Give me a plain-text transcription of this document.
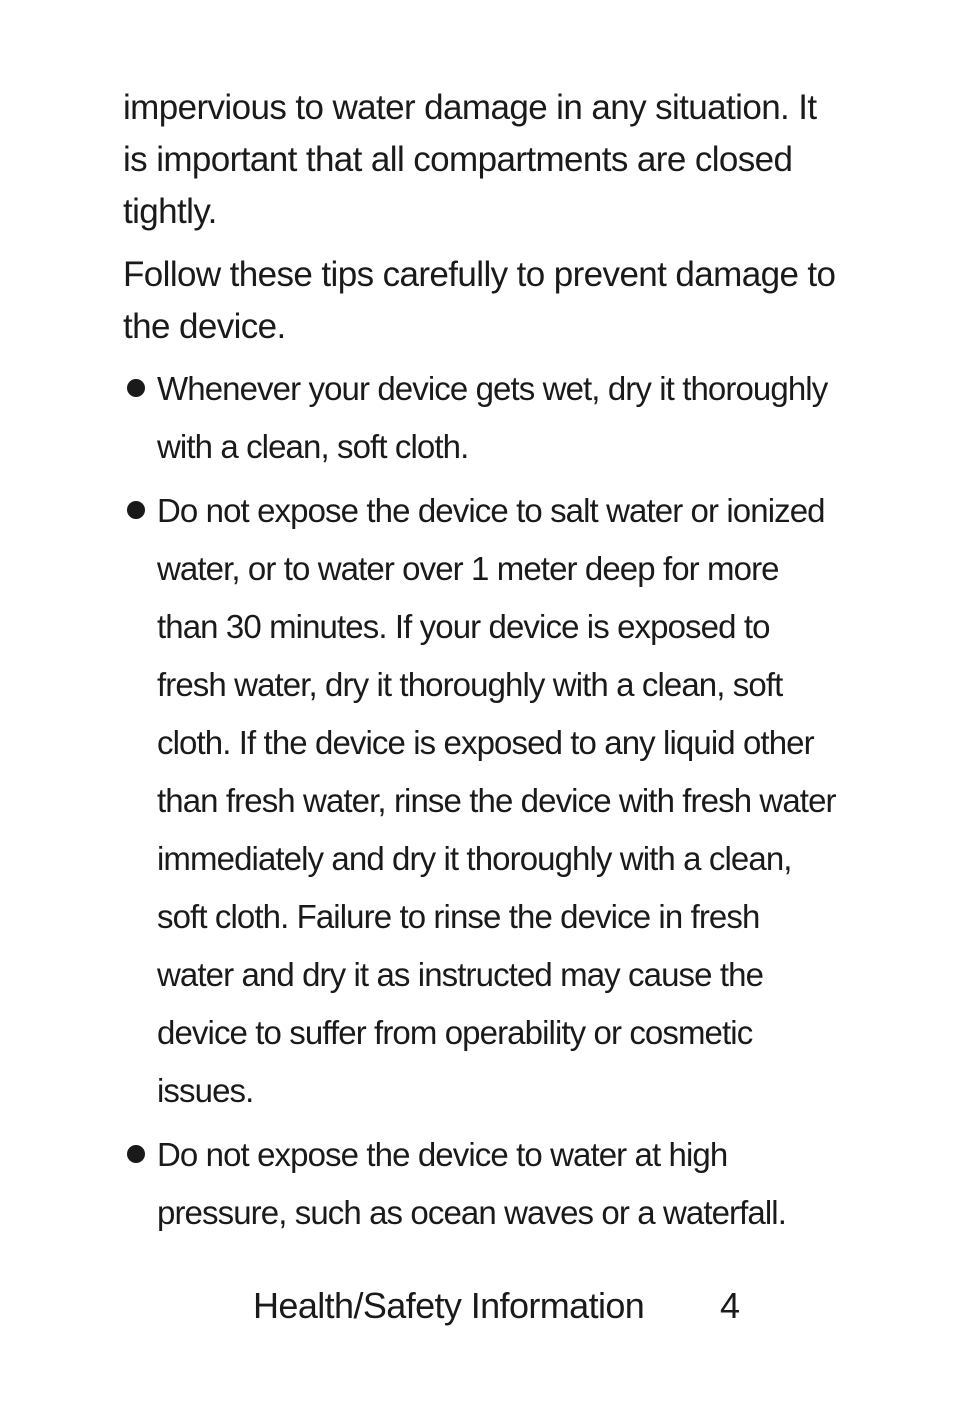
impervious to water damage in any situation. It is important that all compartments are closed tightly.

Follow these tips carefully to prevent damage to the device.

Whenever your device gets wet, dry it thoroughly with a clean, soft cloth.
Do not expose the device to salt water or ionized water, or to water over 1 meter deep for more than 30 minutes. If your device is exposed to fresh water, dry it thoroughly with a clean, soft cloth. If the device is exposed to any liquid other than fresh water, rinse the device with fresh water immediately and dry it thoroughly with a clean, soft cloth. Failure to rinse the device in fresh water and dry it as instructed may cause the device to suffer from operability or cosmetic issues.
Do not expose the device to water at high pressure, such as ocean waves or a waterfall.
Health/Safety Information 4
